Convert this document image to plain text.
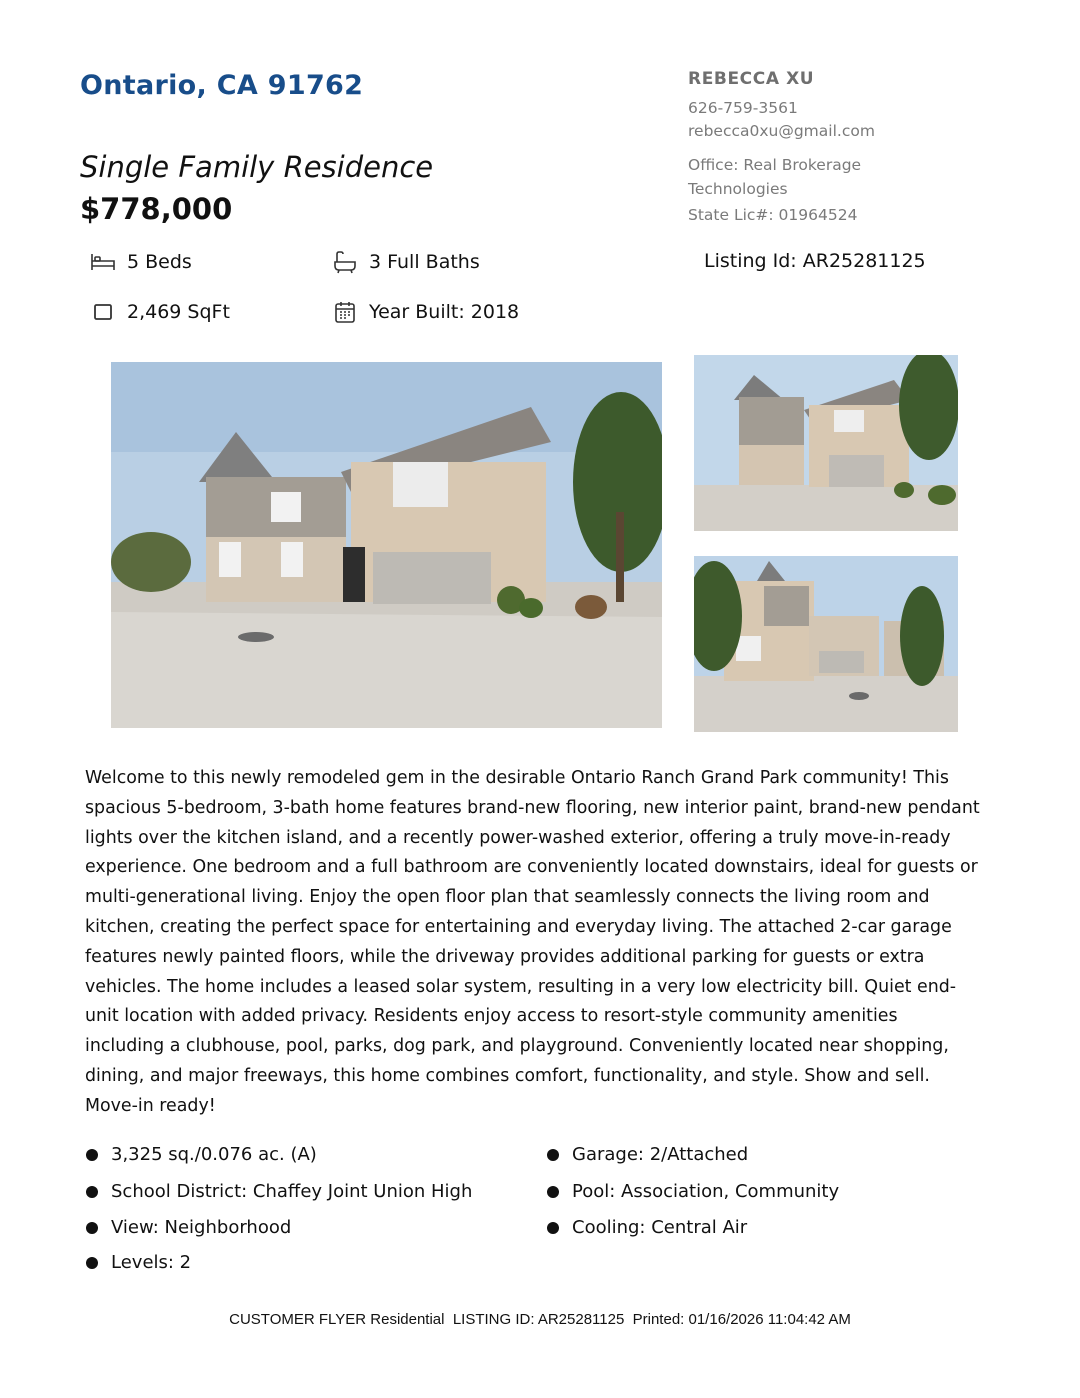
Ontario, CA 91762
Single Family Residence
$778,000
REBECCA XU
626-759-3561
rebecca0xu@gmail.com
Office: Real Brokerage Technologies
State Lic#: 01964524
5 Beds	3 Full Baths
2,469 SqFt	Year Built: 2018
Listing Id: AR25281125
Welcome to this newly remodeled gem in the desirable Ontario Ranch Grand Park community! This spacious 5-bedroom, 3-bath home features brand-new flooring, new interior paint, brand-new pendant lights over the kitchen island, and a recently power-washed exterior, offering a truly move-in-ready experience. One bedroom and a full bathroom are conveniently located downstairs, ideal for guests or multi-generational living. Enjoy the open floor plan that seamlessly connects the living room and kitchen, creating the perfect space for entertaining and everyday living. The attached 2-car garage features newly painted floors, while the driveway provides additional parking for guests or extra vehicles. The home includes a leased solar system, resulting in a very low electricity bill. Quiet end-unit location with added privacy. Residents enjoy access to resort-style community amenities including a clubhouse, pool, parks, dog park, and playground. Conveniently located near shopping, dining, and major freeways, this home combines comfort, functionality, and style. Show and sell. Move-in ready!
3,325 sq./0.076 ac. (A)
School District: Chaffey Joint Union High
View: Neighborhood
Levels: 2
Garage: 2/Attached
Pool: Association, Community
Cooling: Central Air
CUSTOMER FLYER Residential  LISTING ID: AR25281125  Printed: 01/16/2026 11:04:42 AM
